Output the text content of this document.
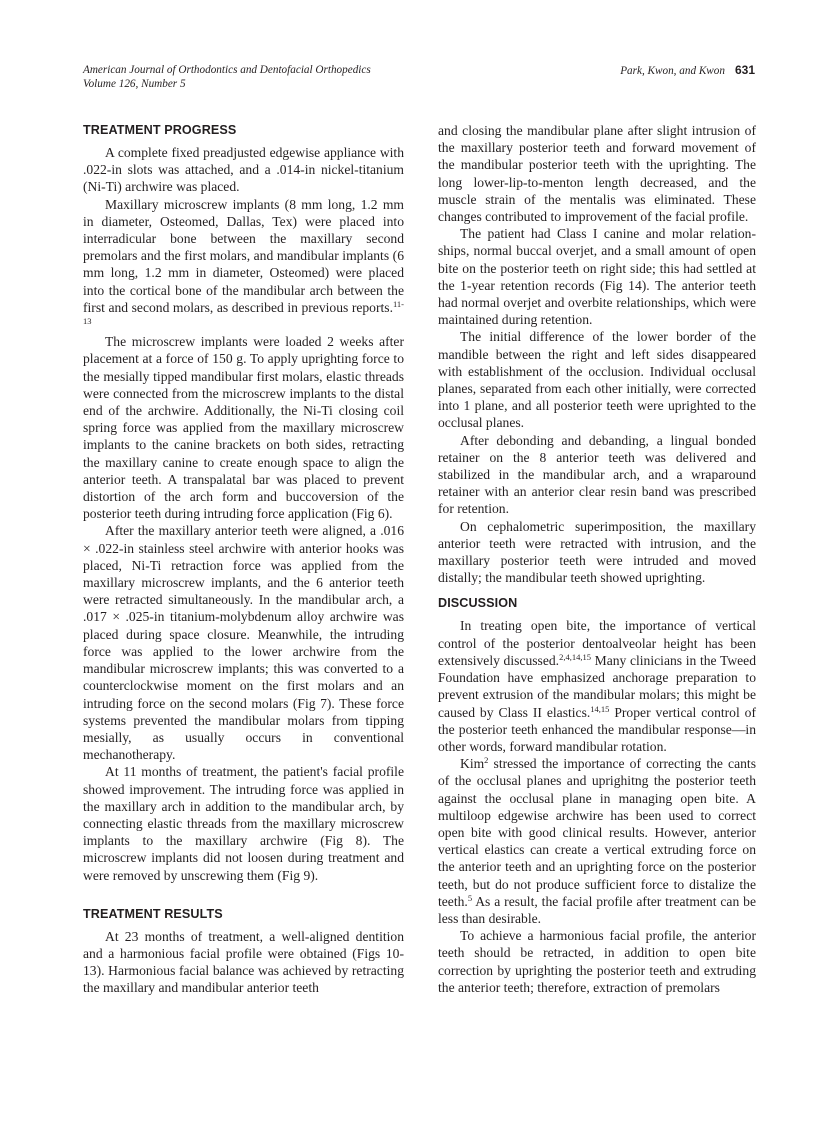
American Journal of Orthodontics and Dentofacial Orthopedics
Volume 126, Number 5
Park, Kwon, and Kwon 631
TREATMENT PROGRESS

A complete fixed preadjusted edgewise appliance with .022-in slots was attached, and a .014-in nickel-titanium (Ni-Ti) archwire was placed.

Maxillary microscrew implants (8 mm long, 1.2 mm in diameter, Osteomed, Dallas, Tex) were placed into interradicular bone between the maxillary second premolars and the first molars, and mandibular implants (6 mm long, 1.2 mm in diameter, Osteomed) were placed into the cortical bone of the mandibular arch between the first and second molars, as described in previous reports.$^{11-13}$

The microscrew implants were loaded 2 weeks after placement at a force of 150 g. To apply uprighting force to the mesially tipped mandibular first molars, elastic threads were connected from the microscrew implants to the distal end of the archwire. Additionally, the Ni-Ti closing coil spring force was applied from the maxillary microscrew implants to the canine brackets on both sides, retracting the maxillary canine to create enough space to align the anterior teeth. A transpalatal bar was placed to prevent distortion of the arch form and buccoversion of the posterior teeth during intruding force application (Fig 6).

After the maxillary anterior teeth were aligned, a .016 × .022-in stainless steel archwire with anterior hooks was placed, Ni-Ti retraction force was applied from the maxillary microscrew implants, and the 6 anterior teeth were retracted simultaneously. In the mandibular arch, a .017 × .025-in titanium-molybdenum alloy archwire was placed during space closure. Meanwhile, the intruding force was applied to the lower archwire from the mandibular microscrew implants; this was converted to a counterclockwise moment on the first molars and an intruding force on the second molars (Fig 7). These force systems prevented the mandibular molars from tipping mesially, as usually occurs in conventional mechanotherapy.

At 11 months of treatment, the patient's facial profile showed improvement. The intruding force was applied in the maxillary arch in addition to the mandibular arch, by connecting elastic threads from the maxillary microscrew implants to the maxillary archwire (Fig 8). The microscrew implants did not loosen during treatment and were removed by unscrewing them (Fig 9).

TREATMENT RESULTS

At 23 months of treatment, a well-aligned dentition and a harmonious facial profile were obtained (Figs 10-13). Harmonious facial balance was achieved by retracting the maxillary and mandibular anterior teeth

and closing the mandibular plane after slight intrusion of the maxillary posterior teeth and forward movement of the mandibular posterior teeth with the uprighting. The long lower-lip-to-menton length decreased, and the muscle strain of the mentalis was eliminated. These changes contributed to improvement of the facial profile.

The patient had Class I canine and molar relationships, normal buccal overjet, and a small amount of open bite on the posterior teeth on right side; this had settled at the 1-year retention records (Fig 14). The anterior teeth had normal overjet and overbite relationships, which were maintained during retention.

The initial difference of the lower border of the mandible between the right and left sides disappeared with establishment of the occlusion. Individual occlusal planes, separated from each other initially, were corrected into 1 plane, and all posterior teeth were uprighted to the occlusal planes.

After debonding and debanding, a lingual bonded retainer on the 8 anterior teeth was delivered and stabilized in the mandibular arch, and a wraparound retainer with an anterior clear resin band was prescribed for retention.

On cephalometric superimposition, the maxillary anterior teeth were retracted with intrusion, and the maxillary posterior teeth were intruded and moved distally; the mandibular teeth showed uprighting.

DISCUSSION

In treating open bite, the importance of vertical control of the posterior dentoalveolar height has been extensively discussed.$^{2,4,14,15}$ Many clinicians in the Tweed Foundation have emphasized anchorage preparation to prevent extrusion of the mandibular molars; this might be caused by Class II elastics.$^{14,15}$ Proper vertical control of the posterior teeth enhanced the mandibular response—in other words, forward mandibular rotation.

Kim$^2$ stressed the importance of correcting the cants of the occlusal planes and uprighitng the posterior teeth against the occlusal plane in managing open bite. A multiloop edgewise archwire has been used to correct open bite with good clinical results. However, anterior vertical elastics can create a vertical extruding force on the anterior teeth and an uprighting force on the posterior teeth, but do not produce sufficient force to distalize the teeth.$^5$ As a result, the facial profile after treatment can be less than desirable.

To achieve a harmonious facial profile, the anterior teeth should be retracted, in addition to open bite correction by uprighting the posterior teeth and extruding the anterior teeth; therefore, extraction of premolars
